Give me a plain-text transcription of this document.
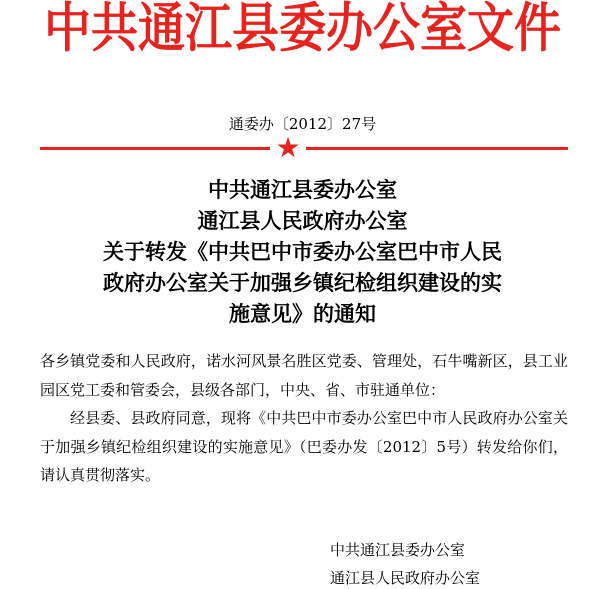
中共通江县委办公室文件
通委办〔2012〕27号
★
中共通江县委办公室
通江县人民政府办公室
关于转发《中共巴中市委办公室巴中市人民
政府办公室关于加强乡镇纪检组织建设的实
施意见》的通知

各乡镇党委和人民政府，诺水河风景名胜区党委、管理处，石牛嘴新区，县工业园区党工委和管委会，县级各部门，中央、省、市驻通单位：

经县委、县政府同意，现将《中共巴中市委办公室巴中市人民政府办公室关于加强乡镇纪检组织建设的实施意见》（巴委办发〔2012〕5号）转发给你们，请认真贯彻落实。

中共通江县委办公室
通江县人民政府办公室
